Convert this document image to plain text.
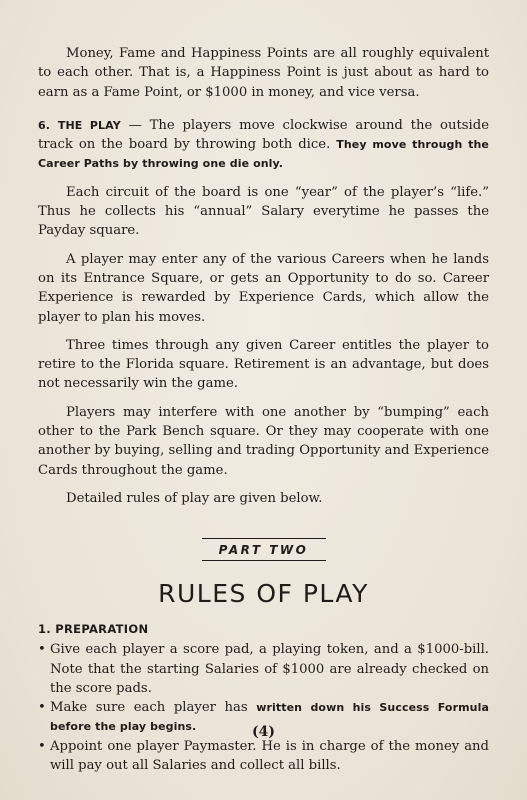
Money, Fame and Happiness Points are all roughly equivalent to each other. That is, a Happiness Point is just about as hard to earn as a Fame Point, or $1000 in money, and vice versa.

6. THE PLAY — The players move clockwise around the outside track on the board by throwing both dice. They move through the Career Paths by throwing one die only.

Each circuit of the board is one “year” of the player’s “life.” Thus he collects his “annual” Salary everytime he passes the Payday square.

A player may enter any of the various Careers when he lands on its Entrance Square, or gets an Opportunity to do so. Career Experience is rewarded by Experience Cards, which allow the player to plan his moves.

Three times through any given Career entitles the player to retire to the Florida square. Retirement is an advantage, but does not necessarily win the game.

Players may interfere with one another by “bumping” each other to the Park Bench square. Or they may cooperate with one another by buying, selling and trading Opportunity and Experience Cards throughout the game.

Detailed rules of play are given below.

PART TWO
RULES OF PLAY
1. PREPARATION
• Give each player a score pad, a playing token, and a $1000-bill. Note that the starting Salaries of $1000 are already checked on the score pads.
• Make sure each player has written down his Success Formula before the play begins.
• Appoint one player Paymaster. He is in charge of the money and will pay out all Salaries and collect all bills.
(4)
